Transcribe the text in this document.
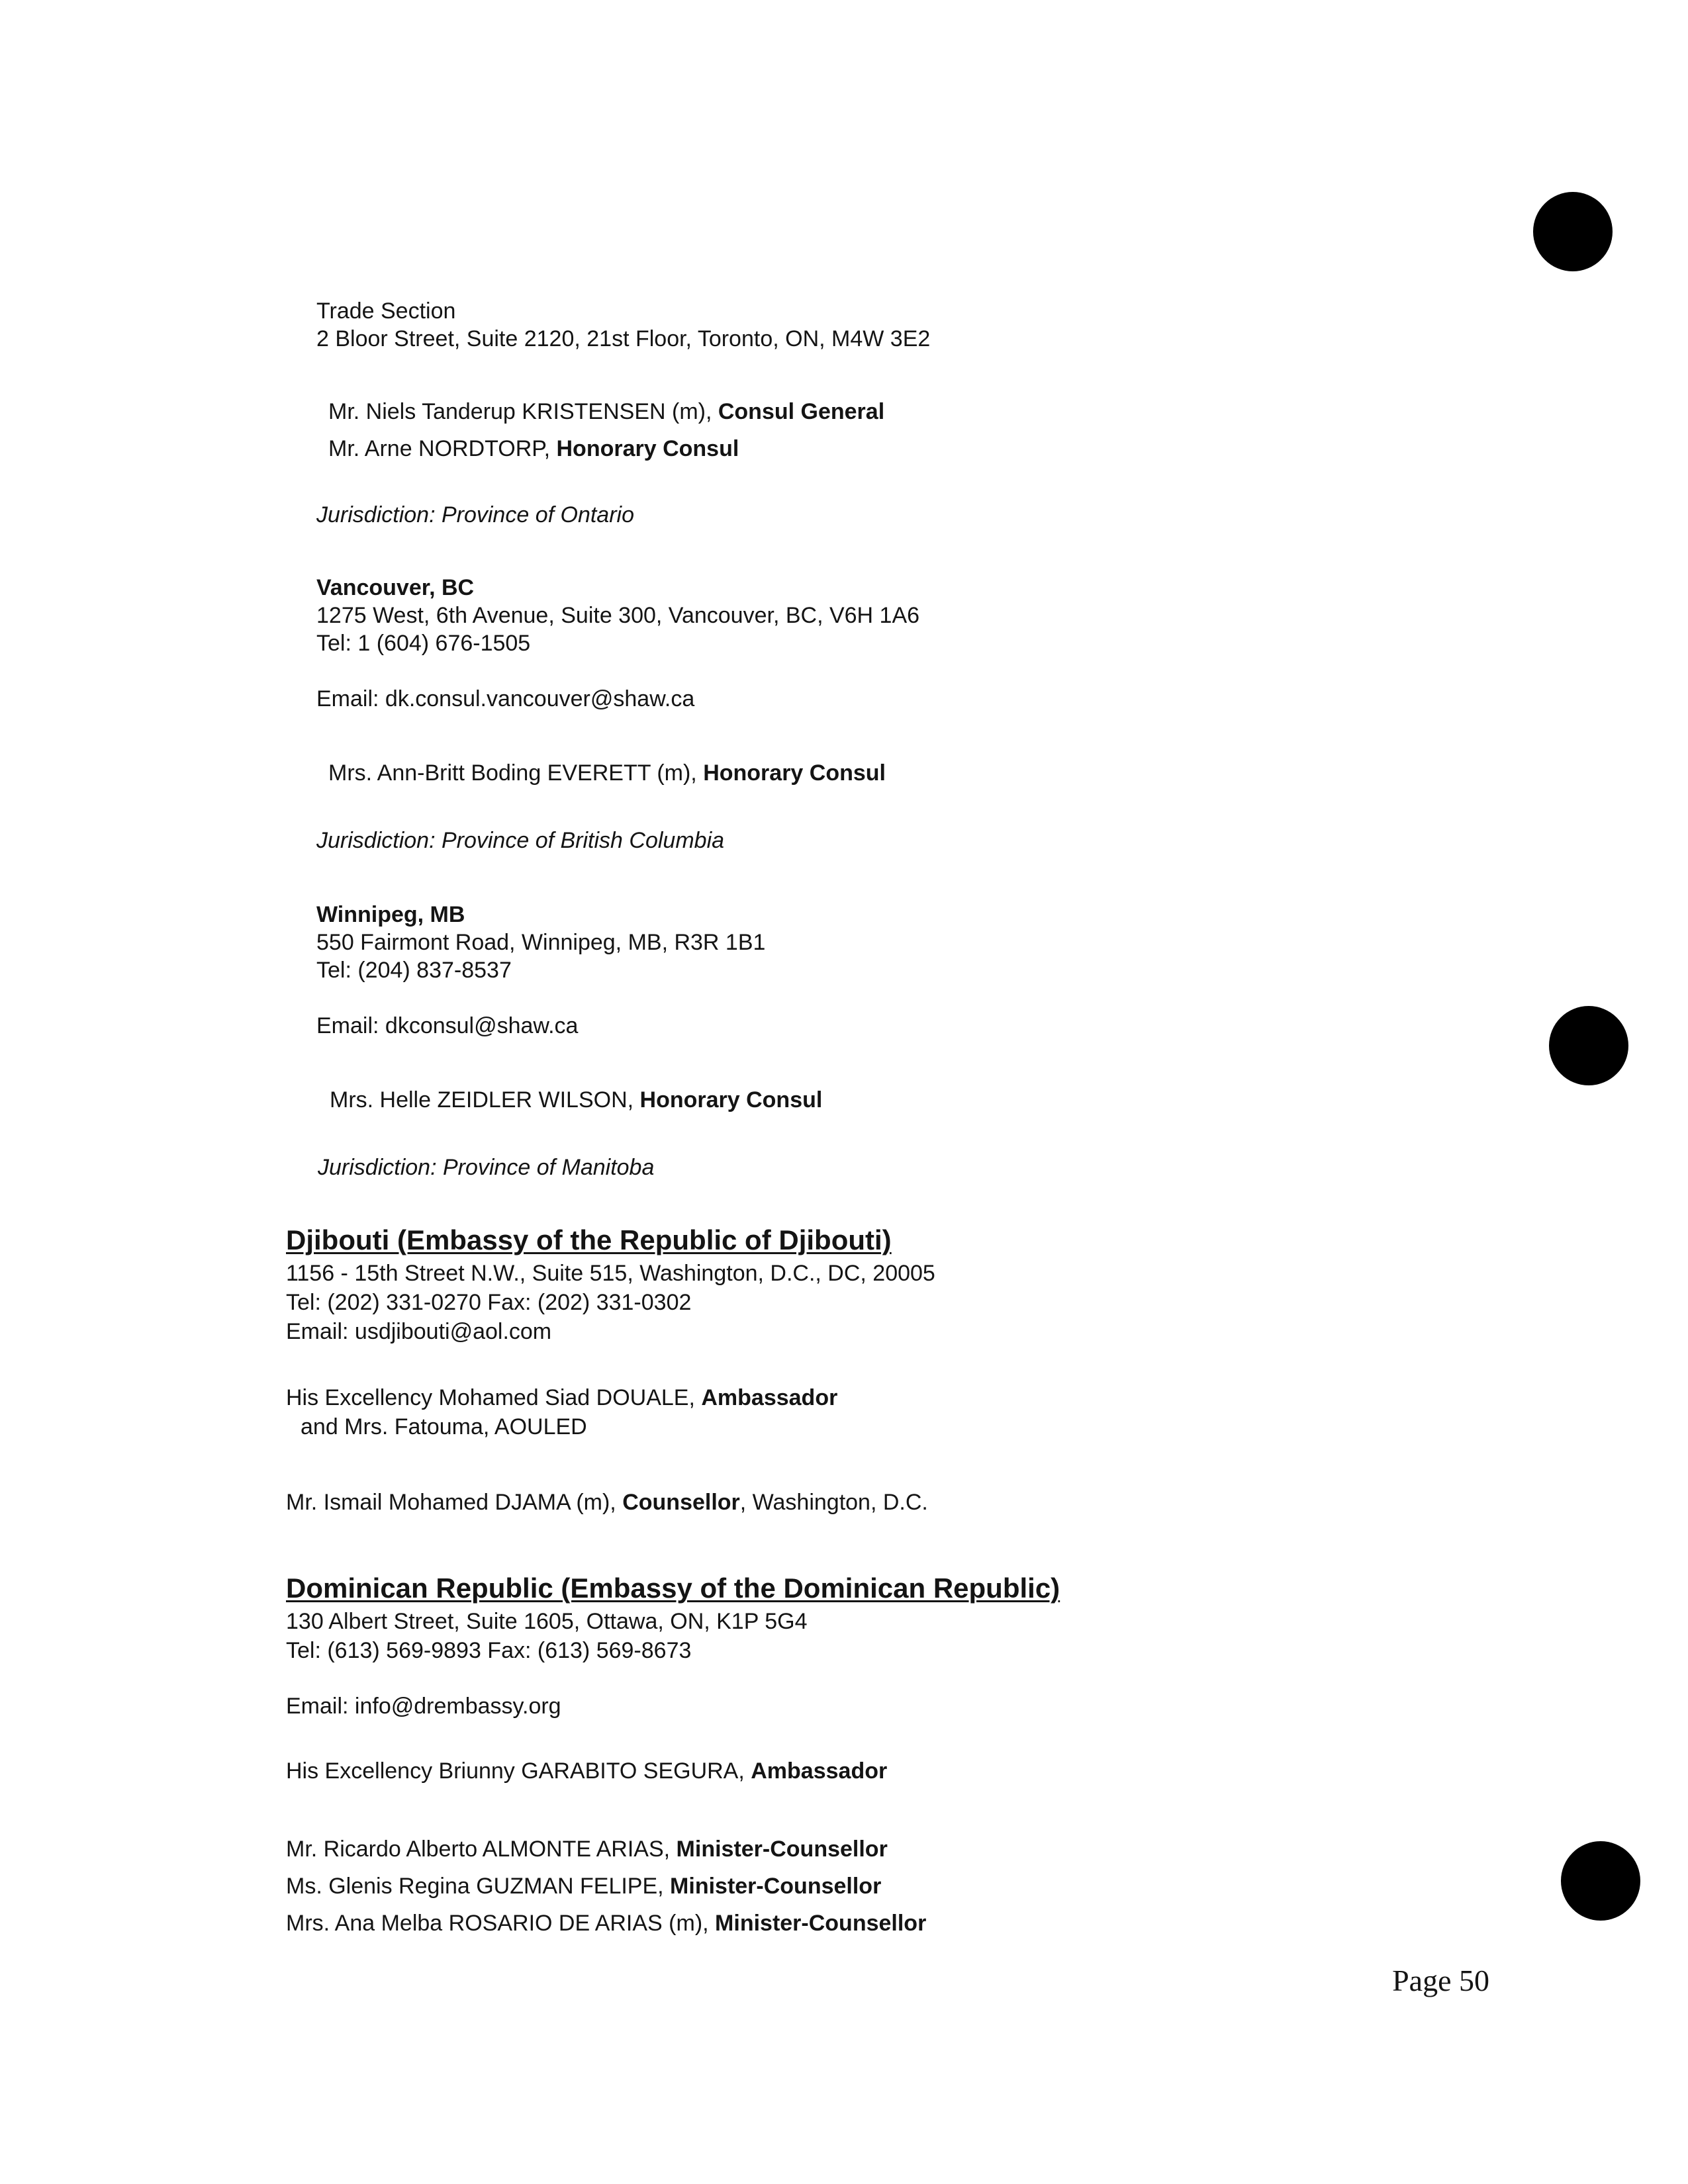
Trade Section
2 Bloor Street, Suite 2120, 21st Floor, Toronto, ON, M4W 3E2
Mr. Niels Tanderup KRISTENSEN (m), Consul General
Mr. Arne NORDTORP, Honorary Consul
Jurisdiction: Province of Ontario
Vancouver, BC
1275 West, 6th Avenue, Suite 300, Vancouver, BC, V6H 1A6
Tel: 1 (604) 676-1505
Email: dk.consul.vancouver@shaw.ca
Mrs. Ann-Britt Boding EVERETT (m), Honorary Consul
Jurisdiction: Province of British Columbia
Winnipeg, MB
550 Fairmont Road, Winnipeg, MB, R3R 1B1
Tel: (204) 837-8537
Email: dkconsul@shaw.ca
Mrs. Helle ZEIDLER WILSON, Honorary Consul
Jurisdiction: Province of Manitoba
Djibouti (Embassy of the Republic of Djibouti)
1156 - 15th Street N.W., Suite 515, Washington, D.C., DC, 20005
Tel: (202) 331-0270 Fax: (202) 331-0302
Email: usdjibouti@aol.com
His Excellency Mohamed Siad DOUALE, Ambassador
and Mrs. Fatouma, AOULED
Mr. Ismail Mohamed DJAMA (m), Counsellor, Washington, D.C.
Dominican Republic (Embassy of the Dominican Republic)
130 Albert Street, Suite 1605, Ottawa, ON, K1P 5G4
Tel: (613) 569-9893 Fax: (613) 569-8673
Email: info@drembassy.org
His Excellency Briunny GARABITO SEGURA, Ambassador
Mr. Ricardo Alberto ALMONTE ARIAS, Minister-Counsellor
Ms. Glenis Regina GUZMAN FELIPE, Minister-Counsellor
Mrs. Ana Melba ROSARIO DE ARIAS (m), Minister-Counsellor
Page 50
